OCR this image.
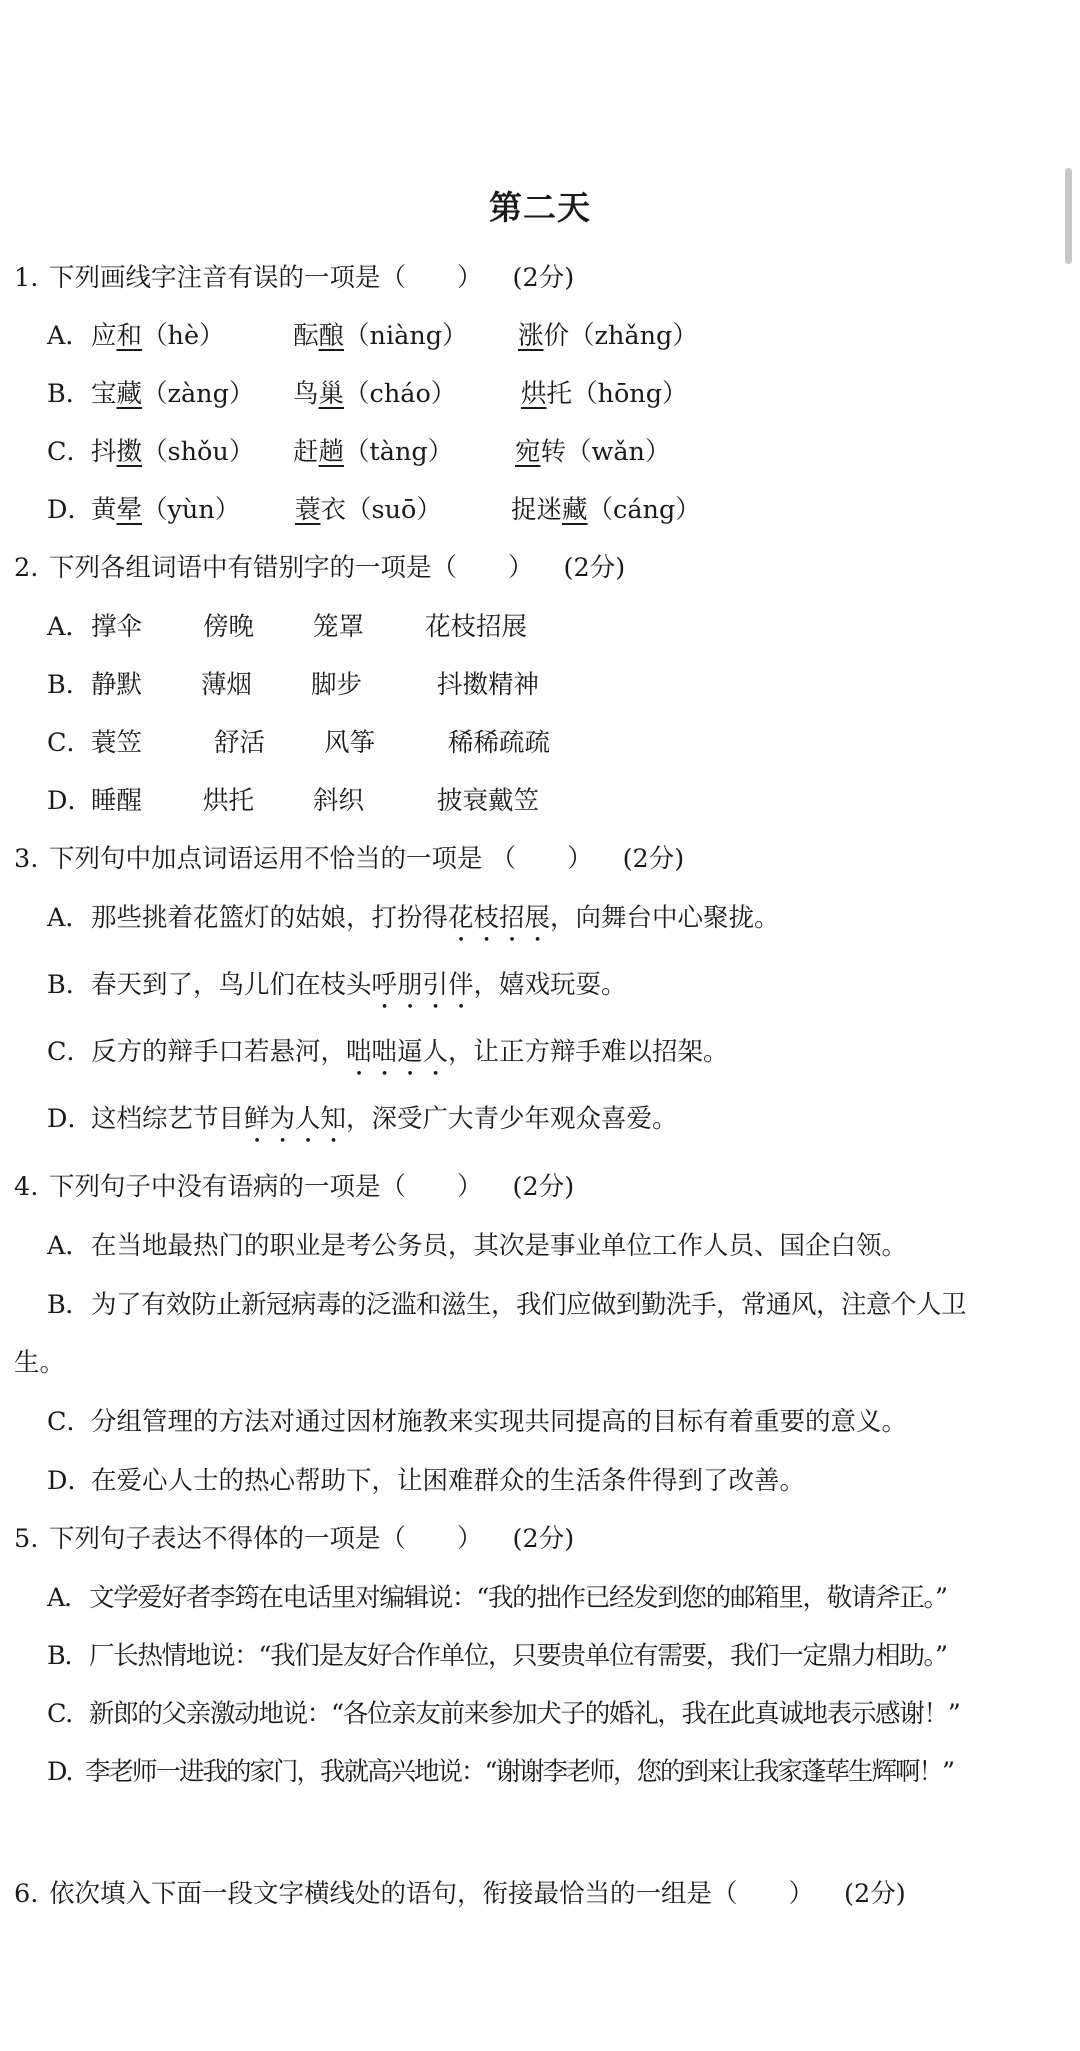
第二天
1. 下列画线字注音有误的一项是（　　） (2分)
A．应和（hè）	酝酿（niàng） 涨价（zhǎng）
B．宝藏（zàng） 鸟巢（cháo）	烘托（hōng）
C．抖擞（shǒu） 赶趟（tàng） 宛转（wǎn）
D．黄晕（yùn） 蓑衣（suō）	捉迷藏（cáng）
2. 下列各组词语中有错别字的一项是（　　） (2分)
A．撑伞 傍晚 笼罩 花枝招展
B．静默 薄烟 脚步	抖擞精神
C．蓑笠	舒活 风筝	稀稀疏疏
D．睡醒 烘托 斜织	披衰戴笠
3. 下列句中加点词语运用不恰当的一项是 （　　） (2分)
A．那些挑着花篮灯的姑娘，打扮得花枝招展，向舞台中心聚拢。
B．春天到了，鸟儿们在枝头呼朋引伴，嬉戏玩耍。
C．反方的辩手口若悬河，咄咄逼人，让正方辩手难以招架。
D．这档综艺节目鲜为人知，深受广大青少年观众喜爱。
4. 下列句子中没有语病的一项是（　　） (2分)
A．在当地最热门的职业是考公务员，其次是事业单位工作人员、国企白领。
B．为了有效防止新冠病毒的泛滥和滋生，我们应做到勤洗手，常通风，注意个人卫
生。
C．分组管理的方法对通过因材施教来实现共同提高的目标有着重要的意义。
D．在爱心人士的热心帮助下，让困难群众的生活条件得到了改善。
5. 下列句子表达不得体的一项是（　　） (2分)
A．文学爱好者李筠在电话里对编辑说：“我的拙作已经发到您的邮箱里，敬请斧正。”
B．厂长热情地说：“我们是友好合作单位，只要贵单位有需要，我们一定鼎力相助。”
C．新郎的父亲激动地说：“各位亲友前来参加犬子的婚礼，我在此真诚地表示感谢！”
D．李老师一进我的家门，我就高兴地说：“谢谢李老师，您的到来让我家蓬荜生辉啊！”
6. 依次填入下面一段文字横线处的语句，衔接最恰当的一组是（　　） (2分)
